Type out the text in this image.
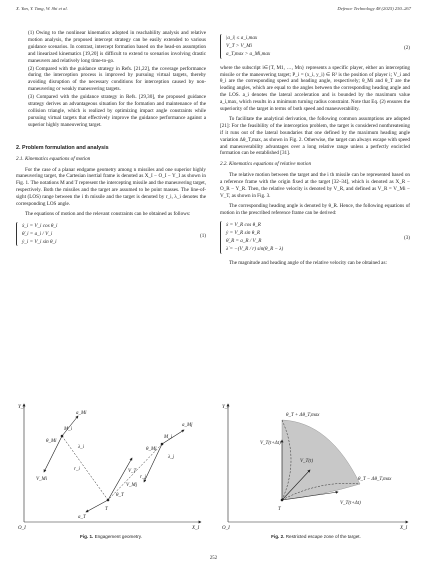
X. Yan, Y. Tang, W. Shi et al.	Defence Technology 48 (2025) 250–267
(1) Owing to the nonlinear kinematics adopted in reachability analysis and relative motion analysis, the proposed intercept strategy can be easily extended to various guidance scenarios. In contrast, intercept formation based on the head-on assumption and linearized kinematics [19,20] is difficult to extend to scenarios involving drastic maneuvers and relatively long time-to-go.
(2) Compared with the guidance strategy in Refs. [21,22], the coverage performance during the interception process is improved by pursuing virtual targets, thereby avoiding disruption of the necessary conditions for interception caused by non-maneuvering or weakly maneuvering targets.
(3) Compared with the guidance strategy in Refs. [29,30], the proposed guidance strategy derives an advantageous situation for the formation and maintenance of the collision triangle, which is realized by optimizing impact angle constraints while pursuing virtual targets that effectively improve the guidance performance against a superior highly maneuvering target.
2. Problem formulation and analysis
2.1. Kinematics equations of motion

For the case of a planar endgame geometry among n missiles and one superior highly maneuvering target, the Cartesian inertial frame is denoted as X_I − O_I − Y_I as shown in Fig. 1. The notations M and T represent the intercepting missile and the maneuvering target, respectively. Both the missiles and the target are assumed to be point masses. The line-of-sight (LOS) range between the i th missile and the target is denoted by r_i, λ_i denotes the corresponding LOS angle.

The equations of motion and the relevant constraints can be obtained as follows:

ẋ_i = V_i cos θ_i
θ̇_i = a_i / V_i
ẏ_i = V_i sin θ_i
(1)
|a_i| ≤ a_i,max
V_T > V_Mi
a_T,max > a_Mi,max
(2)

where the subscript i∈{T, M1, …, Mn} represents a specific player, either an intercepting missile or the maneuvering target; P_i = (x_i, y_i) ∈ R² is the position of player i; V_i and θ_i are the corresponding speed and heading angle, respectively; θ_Mi and θ_T are the leading angles, which are equal to the angles between the corresponding heading angle and the LOS. a_i denotes the lateral acceleration and is bounded by the maximum value a_i,max, which results in a minimum turning radius constraint. Note that Eq. (2) ensures the superiority of the target in terms of both speed and maneuverability.

To facilitate the analytical derivation, the following common assumptions are adopted [21]: For the feasibility of the interception problem, the target is considered nonthreatening if it runs out of the lateral boundaries that one defined by the maximum heading angle variation Δθ_T,max, as shown in Fig. 2. Otherwise, the target can always escape with speed and maneuverability advantages over a long relative range unless a perfectly encircled formation can be established [31].

2.2. Kinematics equations of relative motion

The relative motion between the target and the i th missile can be represented based on a reference frame with the origin fixed at the target [32–34], which is denoted as X_R − O_R − Y_R. Then, the relative velocity is denoted by V_R, and defined as V_R = V_Mi − V_T, as shown in Fig. 3.

The corresponding heading angle is denoted by θ_R. Hence, the following equations of motion in the prescribed reference frame can be derived:

ẋ = V_R cos θ_R
ẏ = V_R sin θ_R
θ̇_R = a_R / V_R
λ̇ = −(V_R / r) sin(θ_R − λ)
(3)

The magnitude and heading angle of the relative velocity can be obtained as:

Y_I
X_I
O_I
T
V_T
a_T
θ_T
M_i
r_i
V_Mi
a_Mi
θ_Mi
λ_i
M_j
r_j
V_Mj
a_Mj
θ_Mj
λ_j
Fig. 1. Engagement geometry.
Y_I
X_I
O_I
T
V_T(t+Δt)
V_T(t)
V_T(t+Δt)
θ_T + Δθ_T,max
θ_T − Δθ_T,max
Fig. 2. Restricted escape zone of the target.
252
